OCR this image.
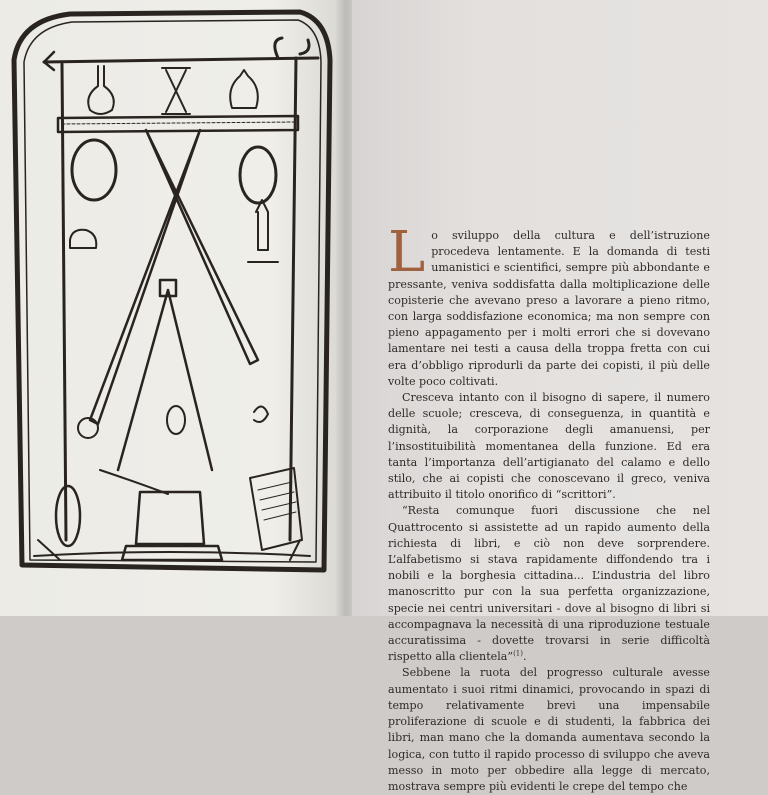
Lo sviluppo della cultura e dell’istruzione procedeva lentamente. E la domanda di testi umanistici e scientifici, sempre più abbondante e pressante, veniva soddisfatta dalla moltiplicazione delle copisterie che avevano preso a lavorare a pieno ritmo, con larga soddisfazione economica; ma non sempre con pieno appagamento per i molti errori che si dovevano lamentare nei testi a causa della troppa fretta con cui era d’obbligo riprodurli da parte dei copisti, il più delle volte poco coltivati.

Cresceva intanto con il bisogno di sapere, il numero delle scuole; cresceva, di conseguenza, in quantità e dignità, la corporazione degli amanuensi, per l’insostituibilità momentanea della funzione. Ed era tanta l’importanza dell’artigianato del calamo e dello stilo, che ai copisti che conoscevano il greco, veniva attribuito il titolo onorifico di “scrittori”.

“Resta comunque fuori discussione che nel Quattrocento si assistette ad un rapido aumento della richiesta di libri, e ciò non deve sorprendere. L’alfabetismo si stava rapidamente diffondendo tra i nobili e la borghesia cittadina... L’industria del libro manoscritto pur con la sua perfetta organizzazione, specie nei centri universitari - dove al bisogno di libri si accompagnava la necessità di una riproduzione testuale accuratissima - dovette trovarsi in serie difficoltà rispetto alla clientela”$^{(1)}$.

Sebbene la ruota del progresso culturale avesse aumentato i suoi ritmi dinamici, provocando in spazi di tempo relativamente brevi una impensabile proliferazione di scuole e di studenti, la fabbrica dei libri, man mano che la domanda aumentava secondo la logica, con tutto il rapido processo di sviluppo che aveva messo in moto per obbedire alla legge di mercato, mostrava sempre più evidenti le crepe del tempo che
